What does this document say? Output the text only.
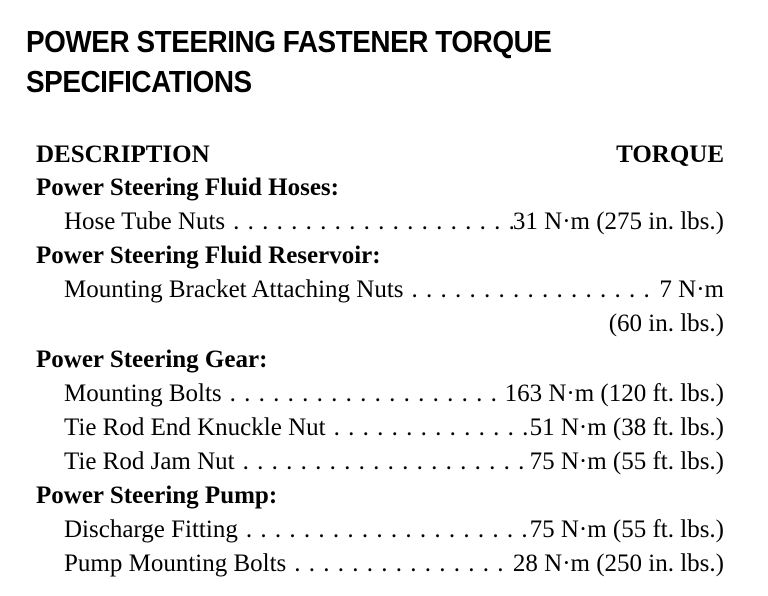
POWER STEERING FASTENER TORQUE
SPECIFICATIONS
DESCRIPTION	TORQUE
Power Steering Fluid Hoses:
Hose Tube Nuts . . .	31 N·m (275 in. lbs.)
Power Steering Fluid Reservoir:
Mounting Bracket Attaching Nuts . . .	7 N·m
(60 in. lbs.)
Power Steering Gear:
Mounting Bolts . . .	163 N·m (120 ft. lbs.)
Tie Rod End Knuckle Nut . . .	51 N·m (38 ft. lbs.)
Tie Rod Jam Nut . . .	75 N·m (55 ft. lbs.)
Power Steering Pump:
Discharge Fitting . . .	75 N·m (55 ft. lbs.)
Pump Mounting Bolts . . .	28 N·m (250 in. lbs.)
